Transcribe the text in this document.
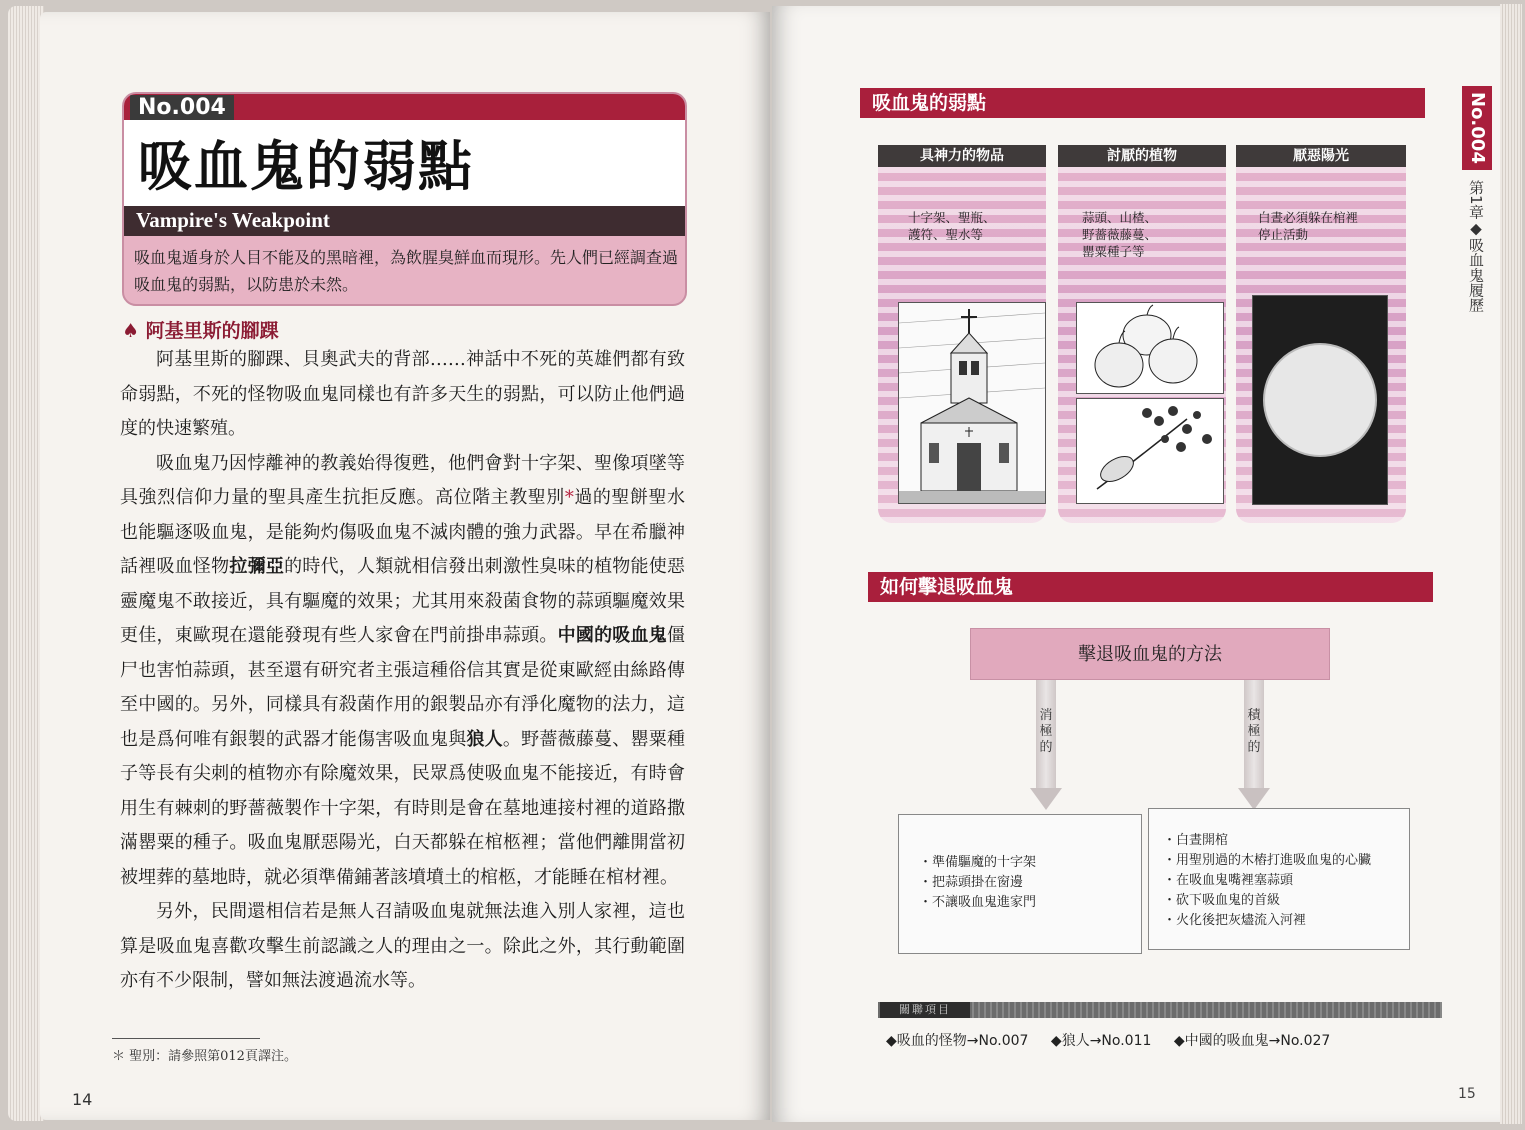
No.004
吸血鬼的弱點
Vampire's Weakpoint
吸血鬼遁身於人目不能及的黑暗裡，為飲腥臭鮮血而現形。先人們已經調查過吸血鬼的弱點，以防患於未然。
♠ 阿基里斯的腳踝

阿基里斯的腳踝、貝奧武夫的背部……神話中不死的英雄們都有致命弱點，不死的怪物吸血鬼同樣也有許多天生的弱點，可以防止他們過度的快速繁殖。

吸血鬼乃因悖離神的教義始得復甦，他們會對十字架、聖像項墜等具強烈信仰力量的聖具產生抗拒反應。高位階主教聖別*過的聖餅聖水也能驅逐吸血鬼，是能夠灼傷吸血鬼不滅肉體的強力武器。早在希臘神話裡吸血怪物拉彌亞的時代，人類就相信發出刺激性臭味的植物能使惡靈魔鬼不敢接近，具有驅魔的效果；尤其用來殺菌食物的蒜頭驅魔效果更佳，東歐現在還能發現有些人家會在門前掛串蒜頭。中國的吸血鬼僵尸也害怕蒜頭，甚至還有研究者主張這種俗信其實是從東歐經由絲路傳至中國的。另外，同樣具有殺菌作用的銀製品亦有淨化魔物的法力，這也是爲何唯有銀製的武器才能傷害吸血鬼與狼人。野薔薇藤蔓、罌粟種子等長有尖刺的植物亦有除魔效果，民眾爲使吸血鬼不能接近，有時會用生有棘刺的野薔薇製作十字架，有時則是會在墓地連接村裡的道路撒滿罌粟的種子。吸血鬼厭惡陽光，白天都躲在棺柩裡；當他們離開當初被埋葬的墓地時，就必須準備鋪著該墳墳土的棺柩，才能睡在棺材裡。

另外，民間還相信若是無人召請吸血鬼就無法進入別人家裡，這也算是吸血鬼喜歡攻擊生前認識之人的理由之一。除此之外，其行動範圍亦有不少限制，譬如無法渡過流水等。

＊ 聖別：請參照第012頁譯注。
14
吸血鬼的弱點
具神力的物品
十字架、聖瓶、
護符、聖水等
討厭的植物
蒜頭、山楂、
野薔薇藤蔓、
罌粟種子等
厭惡陽光
白晝必須躲在棺裡
停止活動
如何擊退吸血鬼
擊退吸血鬼的方法
消
極
的
積
極
的
・準備驅魔的十字架
・把蒜頭掛在窗邊
・不讓吸血鬼進家門
・白晝開棺
・用聖別過的木樁打進吸血鬼的心臟
・在吸血鬼嘴裡塞蒜頭
・砍下吸血鬼的首級
・火化後把灰燼流入河裡
關聯項目
◆吸血的怪物→No.007 ◆狼人→No.011 ◆中國的吸血鬼→No.027
No.004
第1章◆吸血鬼履歷
15
